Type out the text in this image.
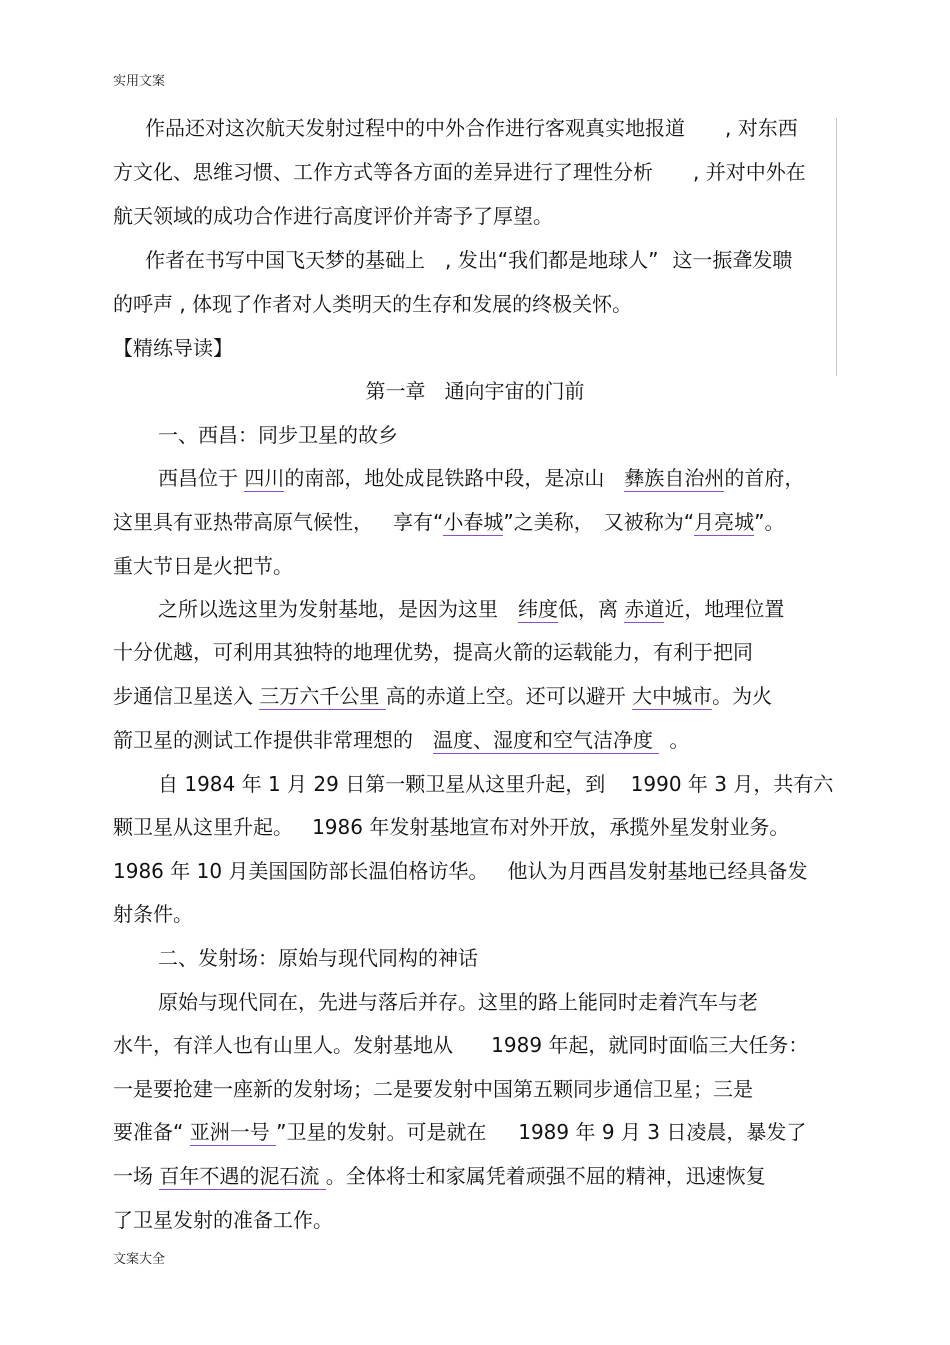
实用文案
作品还对这次航天发射过程中的中外合作进行客观真实地报道 , 对东西
方文化、思维习惯、工作方式等各方面的差异进行了理性分析 , 并对中外在
航天领域的成功合作进行高度评价并寄予了厚望。
作者在书写中国飞天梦的基础上 , 发出“我们都是地球人” 这一振聋发聩
的呼声 , 体现了作者对人类明天的生存和发展的终极关怀。
【精练导读】
第一章   通向宇宙的门前
一、西昌：同步卫星的故乡
西昌位于 四川的南部，地处成昆铁路中段，是凉山 彝族自治州的首府，
这里具有亚热带高原气候性， 享有“小春城”之美称， 又被称为“月亮城”。
重大节日是火把节。
之所以选这里为发射基地，是因为这里 纬度低，离 赤道近，地理位置
十分优越，可利用其独特的地理优势，提高火箭的运载能力，有利于把同
步通信卫星送入 三万六千公里 高的赤道上空。还可以避开 大中城市。为火
箭卫星的测试工作提供非常理想的 温度、湿度和空气洁净度 。
自 1984 年 1 月 29 日第一颗卫星从这里升起，到    1990 年 3 月，共有六
颗卫星从这里升起。   1986 年发射基地宣布对外开放，承揽外星发射业务。
1986 年 10 月美国国防部长温伯格访华。   他认为月西昌发射基地已经具备发
射条件。
二、发射场：原始与现代同构的神话
原始与现代同在，先进与落后并存。这里的路上能同时走着汽车与老
水牛，有洋人也有山里人。发射基地从      1989 年起，就同时面临三大任务：
一是要抢建一座新的发射场；二是要发射中国第五颗同步通信卫星；三是
要准备“ 亚洲一号 ”卫星的发射。可是就在     1989 年 9 月 3 日凌晨，暴发了
一场 百年不遇的泥石流 。全体将士和家属凭着顽强不屈的精神，迅速恢复
了卫星发射的准备工作。
文案大全
